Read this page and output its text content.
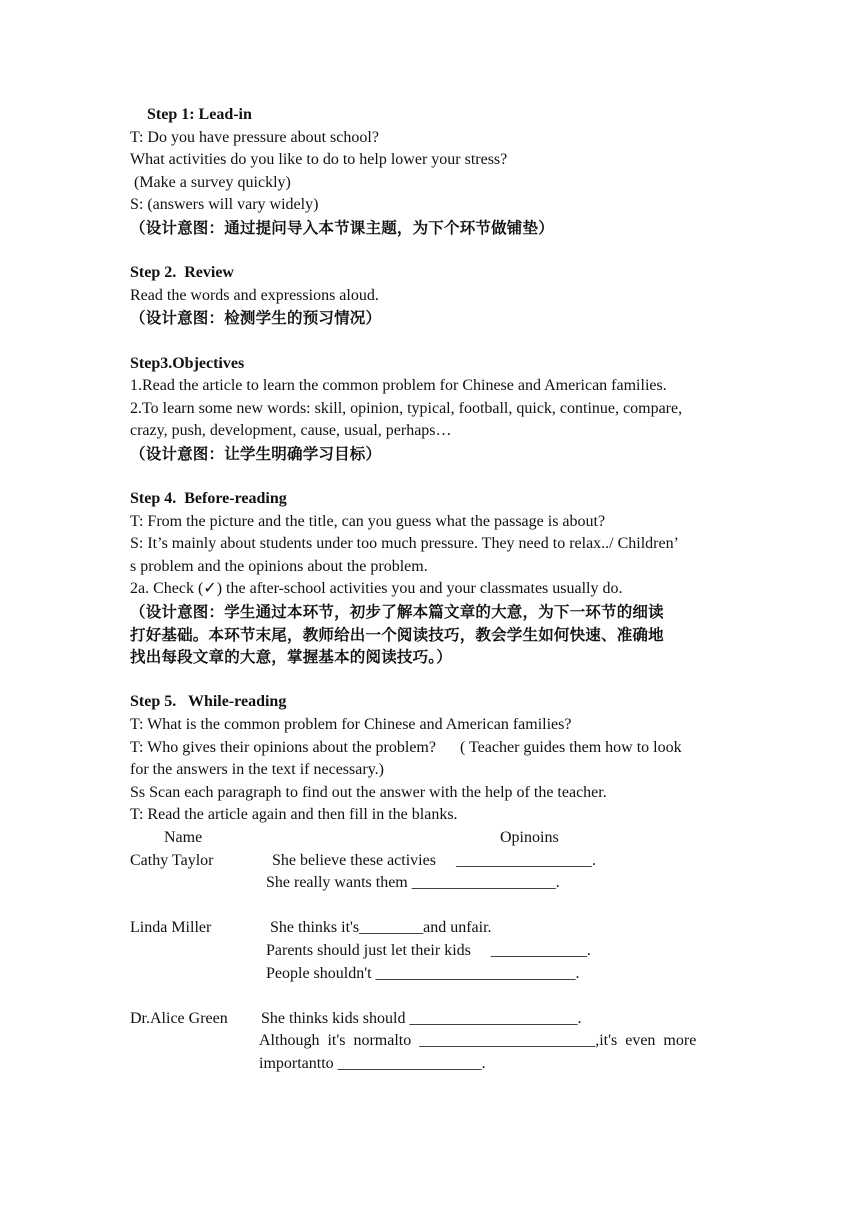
Step 1: Lead-in
T: Do you have pressure about school?
What activities do you like to do to help lower your stress?
(Make a survey quickly)
S: (answers will vary widely)
（设计意图：通过提问导入本节课主题，为下个环节做铺垫）
Step 2.  Review
Read the words and expressions aloud.
（设计意图：检测学生的预习情况）
Step3.Objectives
1.Read the article to learn the common problem for Chinese and American families.
2.To learn some new words: skill, opinion, typical, football, quick, continue, compare,
crazy, push, development, cause, usual, perhaps…
（设计意图：让学生明确学习目标）
Step 4.  Before-reading
T: From the picture and the title, can you guess what the passage is about?
S: It’s mainly about students under too much pressure. They need to relax../ Children’
s problem and the opinions about the problem.
2a. Check (✓) the after-school activities you and your classmates usually do.
（设计意图：学生通过本环节，初步了解本篇文章的大意，为下一环节的细读
打好基础。本环节末尾，教师给出一个阅读技巧，教会学生如何快速、准确地
找出每段文章的大意，掌握基本的阅读技巧。）
Step 5.   While-reading
T: What is the common problem for Chinese and American families?
T: Who gives their opinions about the problem?      ( Teacher guides them how to look
for the answers in the text if necessary.)
Ss Scan each paragraph to find out the answer with the help of the teacher.
T: Read the article again and then fill in the blanks.
Name	Opinoins
Cathy Taylor	She believe these activies     _________________.
She really wants them __________________.
Linda Miller	She thinks it's________and unfair.
Parents should just let their kids     ____________.
People shouldn't _________________________.
Dr.Alice Green She thinks kids should _____________________.
Although  it's  normalto  ______________________,it's  even  more
importantto __________________.
